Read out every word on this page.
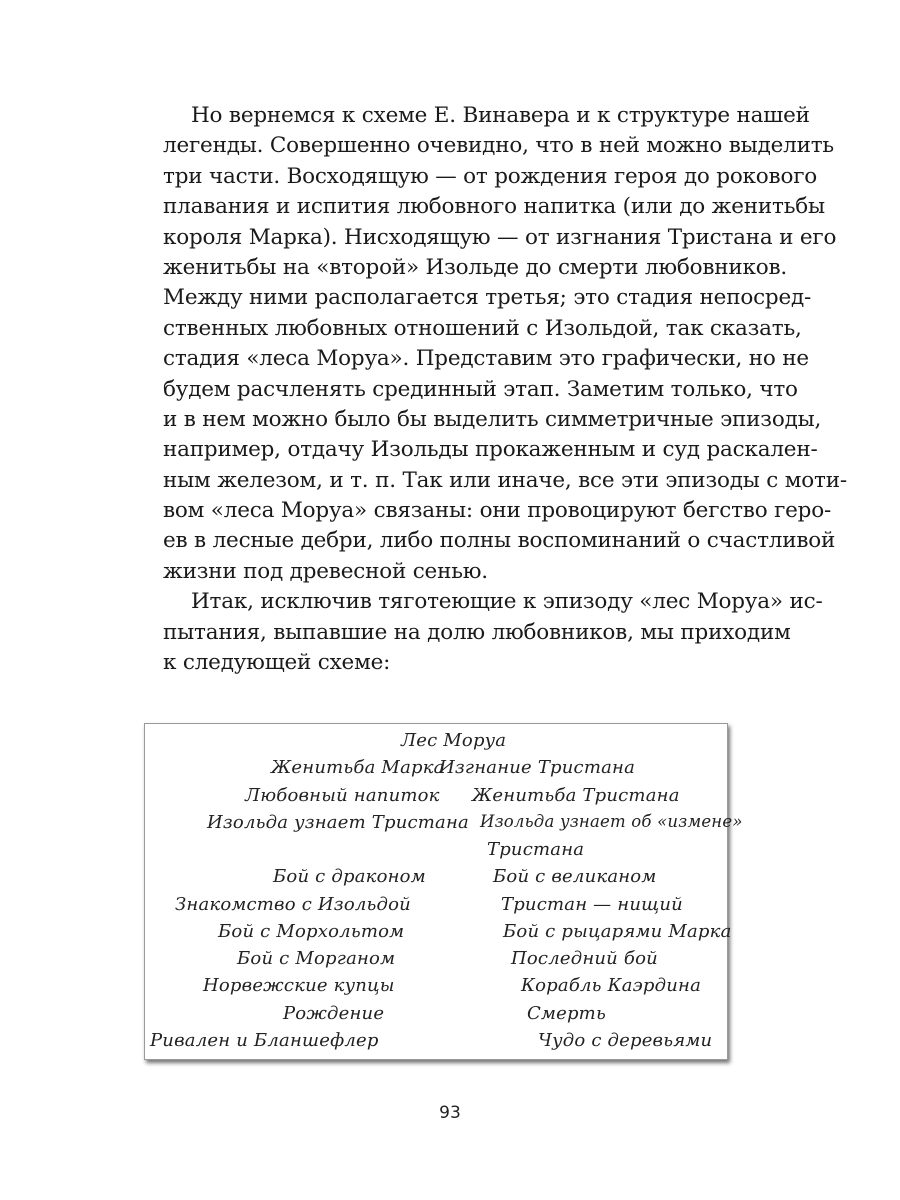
Но вернемся к схеме Е. Винавера и к структуре нашей
легенды. Совершенно очевидно, что в ней можно выделить
три части. Восходящую — от рождения героя до рокового
плавания и испития любовного напитка (или до женитьбы
короля Марка). Нисходящую — от изгнания Тристана и его
женитьбы на «второй» Изольде до смерти любовников.
Между ними располагается третья; это стадия непосред-
ственных любовных отношений с Изольдой, так сказать,
стадия «леса Моруа». Представим это графически, но не
будем расчленять срединный этап. Заметим только, что
и в нем можно было бы выделить симметричные эпизоды,
например, отдачу Изольды прокаженным и суд раскален-
ным железом, и т. п. Так или иначе, все эти эпизоды с моти-
вом «леса Моруа» связаны: они провоцируют бегство геро-
ев в лесные дебри, либо полны воспоминаний о счастливой
жизни под древесной сенью.

Итак, исключив тяготеющие к эпизоду «лес Моруа» ис-
пытания, выпавшие на долю любовников, мы приходим
к следующей схеме:

Лес Моруа
Женитьба Марка
Любовный напиток
Изольда узнает Тристана
Бой с драконом
Знакомство с Изольдой
Бой с Морхольтом
Бой с Морганом
Норвежские купцы
Рождение
Ривален и Бланшефлер
Изгнание Тристана
Женитьба Тристана
Изольда узнает об «измене»
Тристана
Бой с великаном
Тристан — нищий
Бой с рыцарями Марка
Последний бой
Корабль Каэрдина
Смерть
Чудо с деревьями
93
